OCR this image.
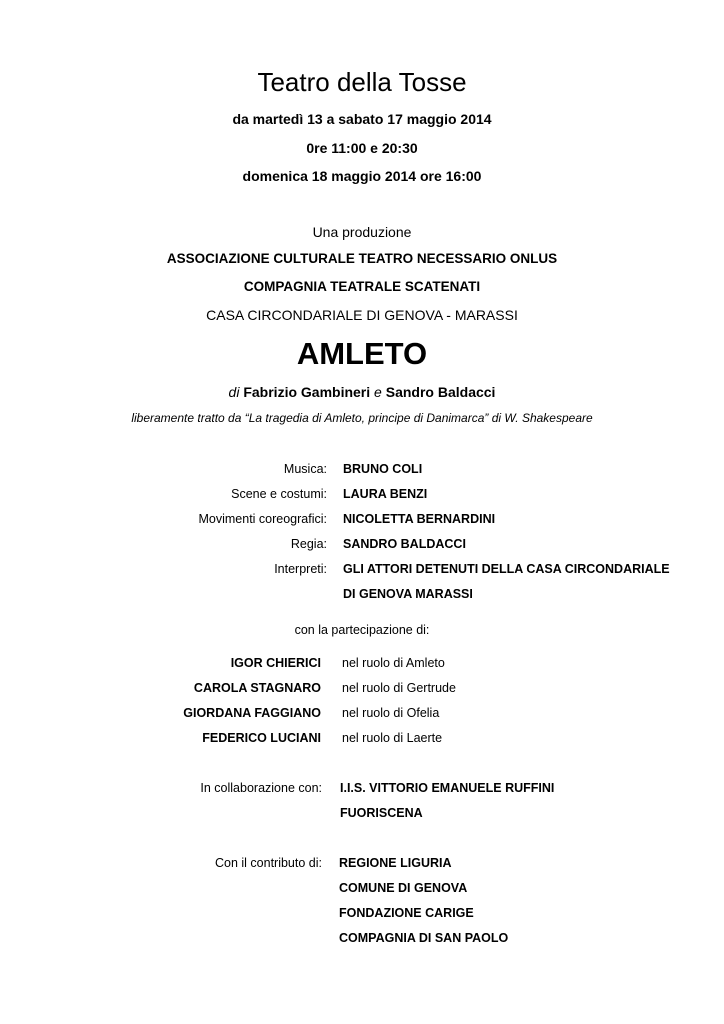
Teatro della Tosse
da martedì 13 a sabato 17 maggio 2014
0re 11:00 e 20:30
domenica 18 maggio 2014 ore 16:00
Una produzione
ASSOCIAZIONE CULTURALE TEATRO NECESSARIO ONLUS
COMPAGNIA TEATRALE SCATENATI
CASA CIRCONDARIALE DI GENOVA - MARASSI
AMLETO
di Fabrizio Gambineri e Sandro Baldacci
liberamente tratto da “La tragedia di Amleto, principe di Danimarca” di W. Shakespeare
Musica: BRUNO COLI
Scene e costumi: LAURA BENZI
Movimenti coreografici: NICOLETTA BERNARDINI
Regia: SANDRO BALDACCI
Interpreti: GLI ATTORI DETENUTI DELLA CASA CIRCONDARIALE
DI GENOVA MARASSI
con la partecipazione di:
IGOR CHIERICI nel ruolo di Amleto
CAROLA STAGNARO nel ruolo di Gertrude
GIORDANA FAGGIANO nel ruolo di Ofelia
FEDERICO LUCIANI nel ruolo di Laerte
In collaborazione con: I.I.S. VITTORIO EMANUELE RUFFINI
FUORISCENA
Con il contributo di: REGIONE LIGURIA
COMUNE DI GENOVA
FONDAZIONE CARIGE
COMPAGNIA DI SAN PAOLO
